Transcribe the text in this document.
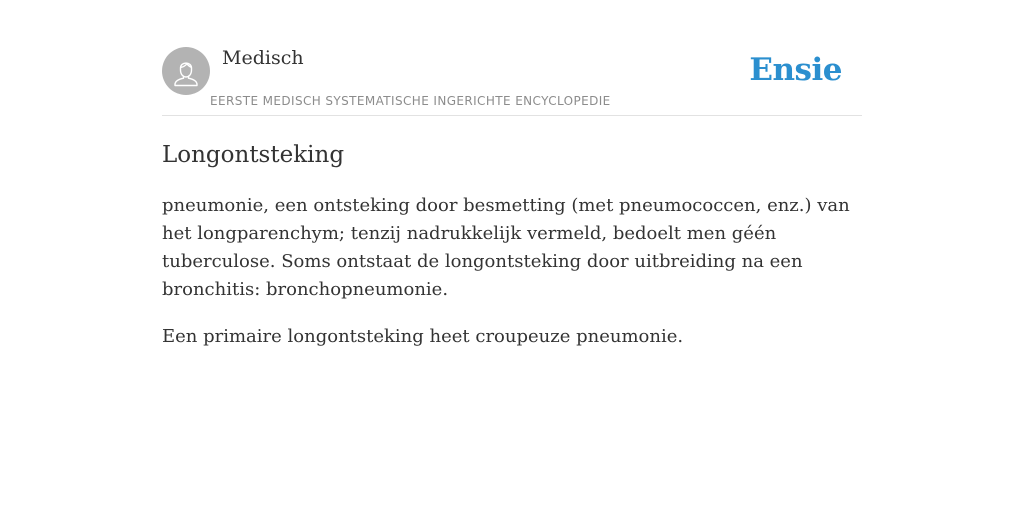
Medisch
EERSTE MEDISCH SYSTEMATISCHE INGERICHTE ENCYCLOPEDIE
Ensie
Longontsteking

pneumonie, een ontsteking door besmetting (met pneumococcen, enz.) van het longparenchym; tenzij nadrukkelijk vermeld, bedoelt men géén tuberculose. Soms ontstaat de longontsteking door uitbreiding na een bronchitis: bronchopneumonie.

Een primaire longontsteking heet croupeuze pneumonie.
